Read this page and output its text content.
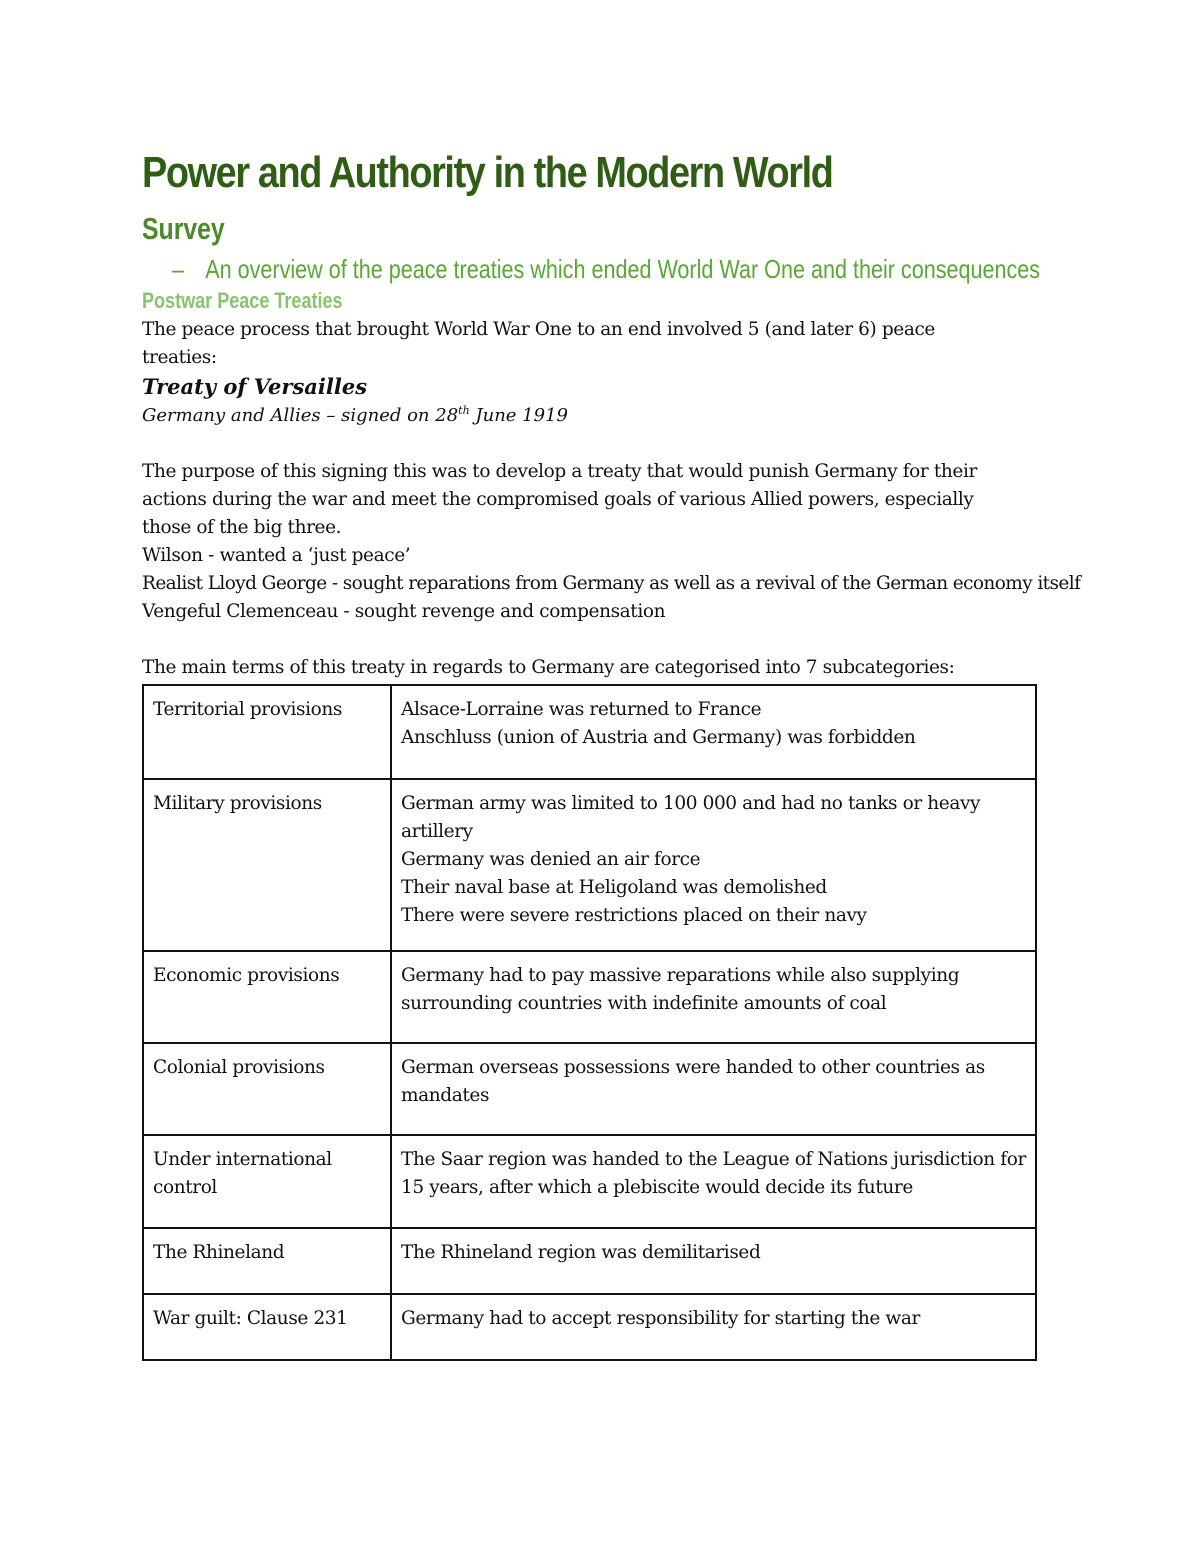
Power and Authority in the Modern World
Survey
– An overview of the peace treaties which ended World War One and their consequences
Postwar Peace Treaties

The peace process that brought World War One to an end involved 5 (and later 6) peace

treaties:

Treaty of Versailles
Germany and Allies – signed on 28th June 1919

The purpose of this signing this was to develop a treaty that would punish Germany for their

actions during the war and meet the compromised goals of various Allied powers, especially

those of the big three.

Wilson - wanted a ‘just peace’

Realist Lloyd George - sought reparations from Germany as well as a revival of the German economy itself

Vengeful Clemenceau - sought revenge and compensation

The main terms of this treaty in regards to Germany are categorised into 7 subcategories:

Territorial provisions	Alsace-Lorraine was returned to France
Anschluss (union of Austria and Germany) was forbidden

Military provisions	German army was limited to 100 000 and had no tanks or heavy artillery
Germany was denied an air force
Their naval base at Heligoland was demolished
There were severe restrictions placed on their navy

Economic provisions	Germany had to pay massive reparations while also supplying surrounding countries with indefinite amounts of coal

Colonial provisions	German overseas possessions were handed to other countries as mandates

Under international control	The Saar region was handed to the League of Nations jurisdiction for 15 years, after which a plebiscite would decide its future

The Rhineland	The Rhineland region was demilitarised

War guilt: Clause 231	Germany had to accept responsibility for starting the war
